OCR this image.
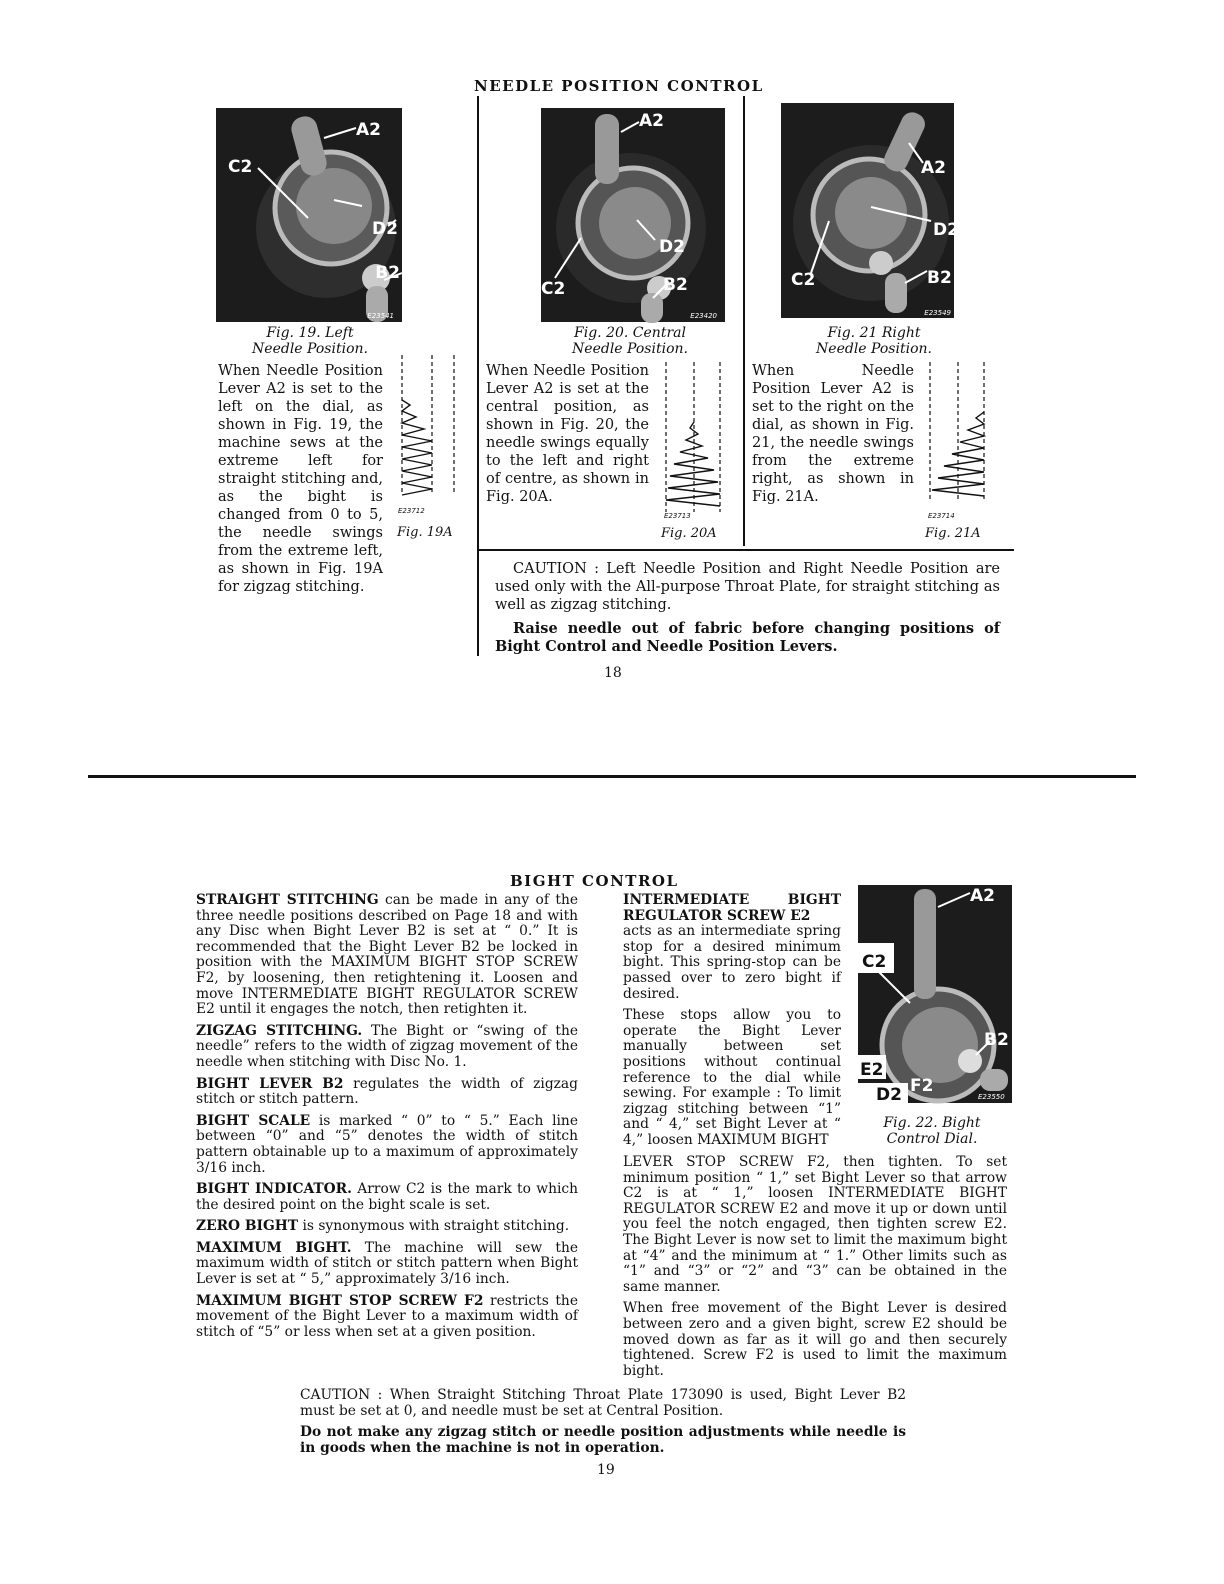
NEEDLE POSITION CONTROL
A2
C2
D2
B2
E23541
Fig. 19. Left
Needle Position.
When Needle Position Lever A2 is set to the left on the dial, as shown in Fig. 19, the machine sews at the extreme left for straight stitching and, as the bight is changed from 0 to 5, the needle swings from the extreme left, as shown in Fig. 19A for zigzag stitching.
E23712
Fig. 19A
A2
D2
C2	B2
E23420
Fig. 20. Central
Needle Position.
When Needle Position Lever A2 is set at the central position, as shown in Fig. 20, the needle swings equally to the left and right of centre, as shown in Fig. 20A.
E23713
Fig. 20A
A2
D2
C2	B2
E23549
Fig. 21 Right
Needle Position.
When Needle Position Lever A2 is set to the right on the dial, as shown in Fig. 21, the needle swings from the extreme right, as shown in Fig. 21A.
E23714
Fig. 21A

CAUTION : Left Needle Position and Right Needle Position are used only with the All-purpose Throat Plate, for straight stitching as well as zigzag stitching.

Raise needle out of fabric before changing positions of Bight Control and Needle Position Levers.

18
BIGHT CONTROL

STRAIGHT STITCHING can be made in any of the three needle positions described on Page 18 and with any Disc when Bight Lever B2 is set at “ 0.” It is recommended that the Bight Lever B2 be locked in position with the MAXIMUM BIGHT STOP SCREW F2, by loosening, then retightening it. Loosen and move INTERMEDIATE BIGHT REGULATOR SCREW E2 until it engages the notch, then retighten it.

ZIGZAG STITCHING. The Bight or “swing of the needle” refers to the width of zigzag movement of the needle when stitching with Disc No. 1.

BIGHT LEVER B2 regulates the width of zigzag stitch or stitch pattern.

BIGHT SCALE is marked “ 0” to “ 5.” Each line between “0” and “5” denotes the width of stitch pattern obtainable up to a maximum of approximately 3/16 inch.

BIGHT INDICATOR. Arrow C2 is the mark to which the desired point on the bight scale is set.

ZERO BIGHT is synonymous with straight stitching.

MAXIMUM BIGHT. The machine will sew the maximum width of stitch or stitch pattern when Bight Lever is set at “ 5,” approximately 3/16 inch.

MAXIMUM BIGHT STOP SCREW F2 restricts the movement of the Bight Lever to a maximum width of stitch of “5” or less when set at a given position.

INTERMEDIATE BIGHT REGULATOR SCREW E2

acts as an intermediate spring stop for a desired minimum bight. This spring-stop can be passed over to zero bight if desired.

These stops allow you to operate the Bight Lever manually between set positions without continual reference to the dial while sewing. For example : To limit zigzag stitching between “1” and “ 4,” set Bight Lever at “ 4,” loosen MAXIMUM BIGHT

LEVER STOP SCREW F2, then tighten. To set minimum position “ 1,” set Bight Lever so that arrow C2 is at “ 1,” loosen INTERMEDIATE BIGHT REGULATOR SCREW E2 and move it up or down until you feel the notch engaged, then tighten screw E2. The Bight Lever is now set to limit the maximum bight at “4” and the minimum at “ 1.” Other limits such as “1” and “3” or “2” and “3” can be obtained in the same manner.

When free movement of the Bight Lever is desired between zero and a given bight, screw E2 should be moved down as far as it will go and then securely tightened. Screw F2 is used to limit the maximum bight.

A2
C2
B2
E2
F2
D2	E23550
Fig. 22. Bight
Control Dial.

CAUTION : When Straight Stitching Throat Plate 173090 is used, Bight Lever B2 must be set at 0, and needle must be set at Central Position.

Do not make any zigzag stitch or needle position adjustments while needle is in goods when the machine is not in operation.

19
